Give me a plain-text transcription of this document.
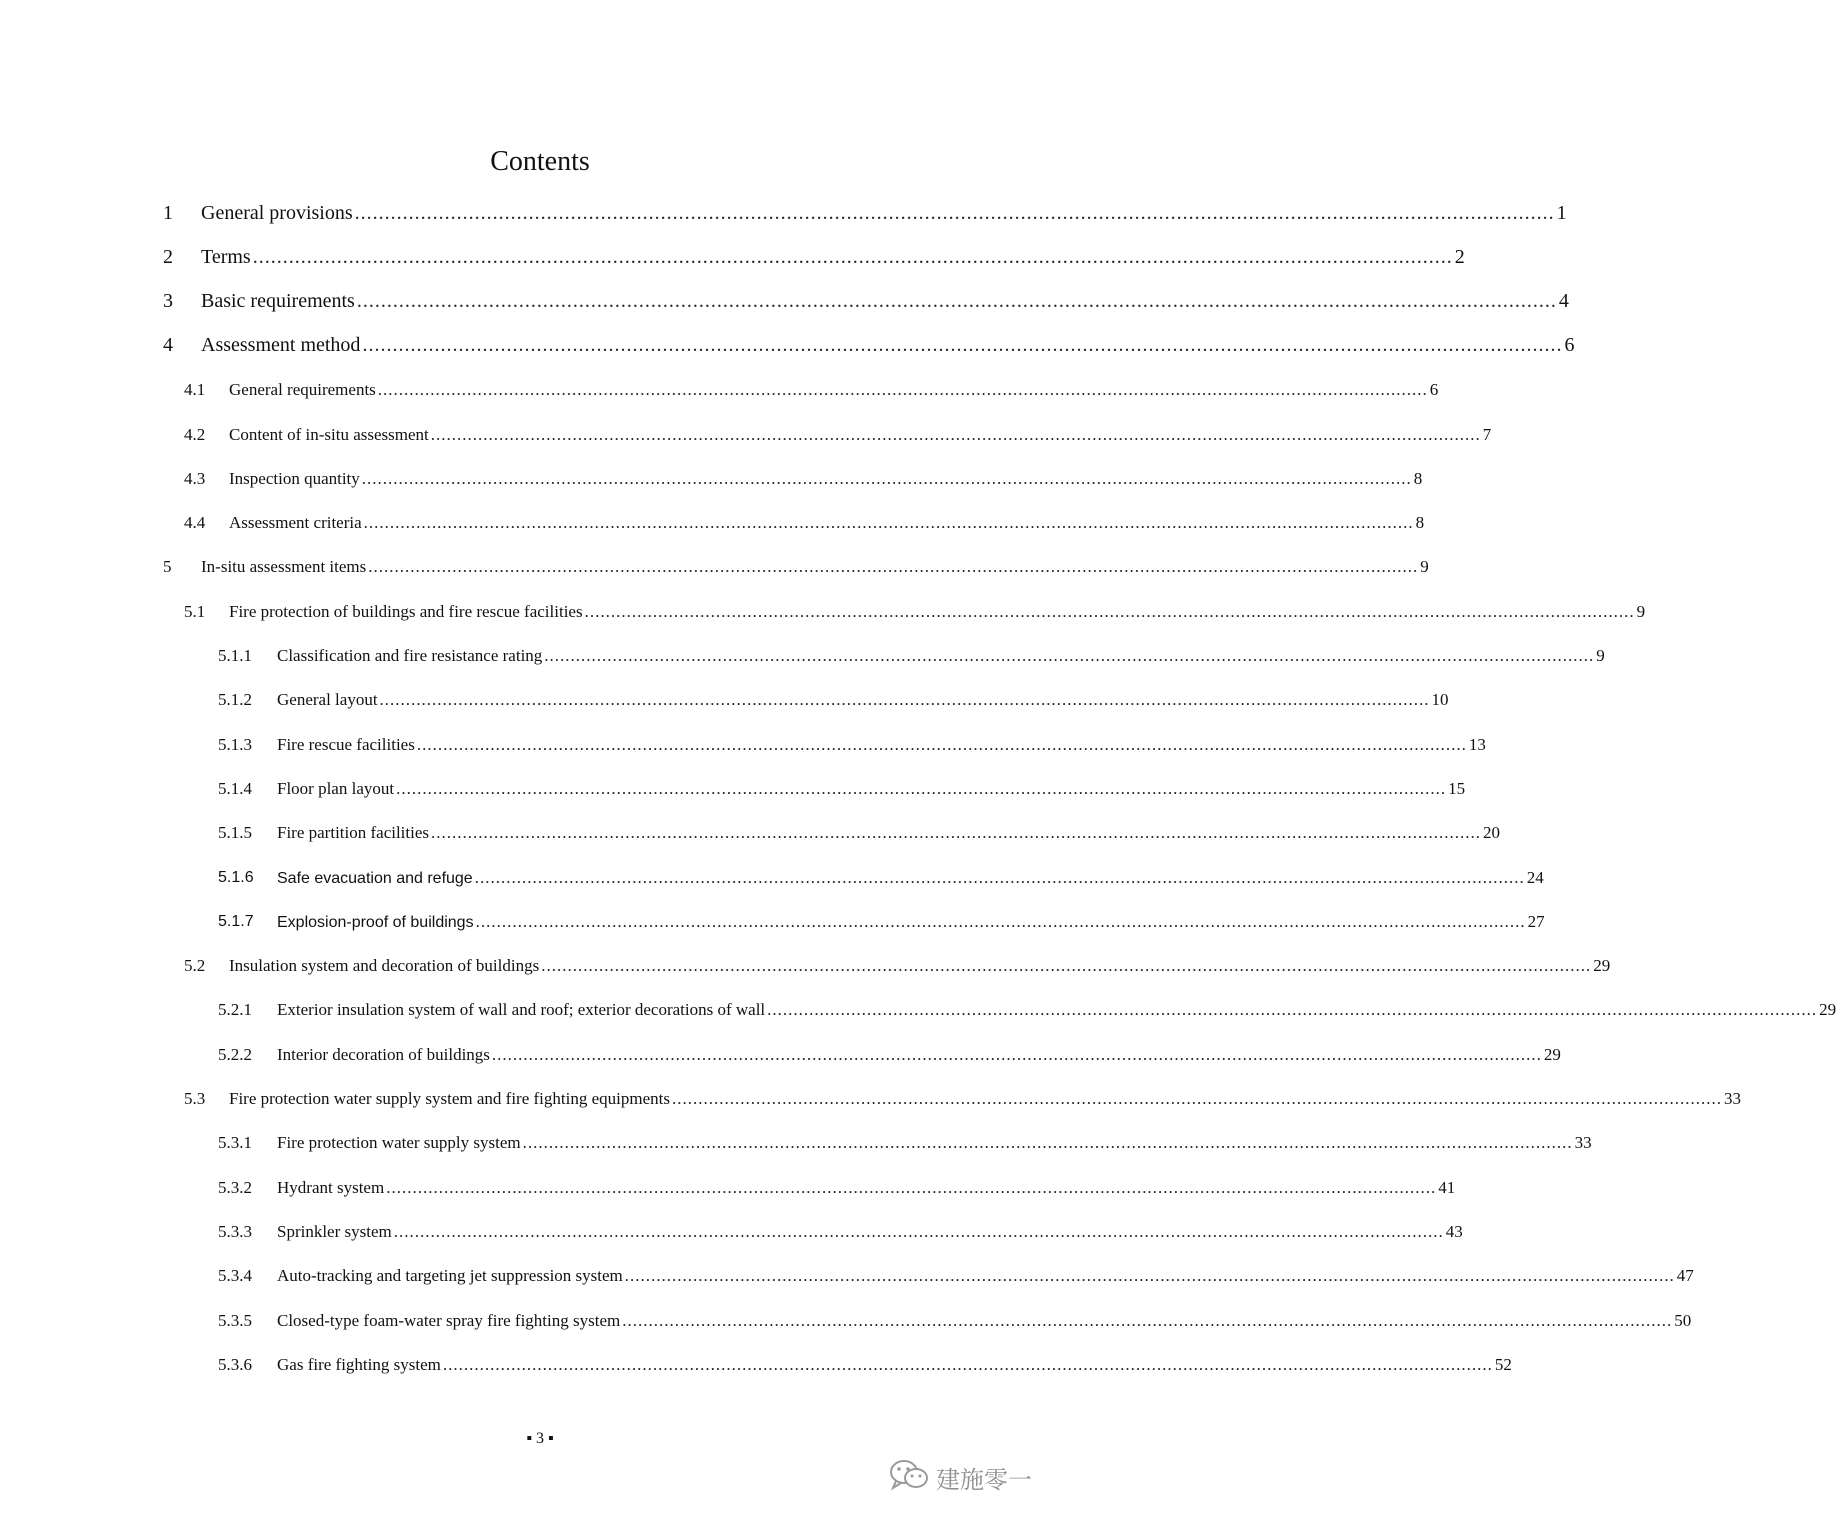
Contents
1 General provisions ........................................................................................................................................................................................................ 1
2 Terms ........................................................................................................................................................................................................ 2
3 Basic requirements ........................................................................................................................................................................................................ 4
4 Assessment method ........................................................................................................................................................................................................ 6
4.1 General requirements ........................................................................................................................................................................................................ 6
4.2 Content of in-situ assessment ........................................................................................................................................................................................................ 7
4.3 Inspection quantity ........................................................................................................................................................................................................ 8
4.4 Assessment criteria ........................................................................................................................................................................................................ 8
5 In-situ assessment items ........................................................................................................................................................................................................ 9
5.1 Fire protection of buildings and fire rescue facilities ........................................................................................................................................................................................................ 9
5.1.1 Classification and fire resistance rating ........................................................................................................................................................................................................ 9
5.1.2 General layout ........................................................................................................................................................................................................ 10
5.1.3 Fire rescue facilities ........................................................................................................................................................................................................ 13
5.1.4 Floor plan layout ........................................................................................................................................................................................................ 15
5.1.5 Fire partition facilities ........................................................................................................................................................................................................ 20
5.1.6 Safe evacuation and refuge ........................................................................................................................................................................................................ 24
5.1.7 Explosion-proof of buildings ........................................................................................................................................................................................................ 27
5.2 Insulation system and decoration of buildings ........................................................................................................................................................................................................ 29
5.2.1 Exterior insulation system of wall and roof; exterior decorations of wall ........................................................................................................................................................................................................ 29
5.2.2 Interior decoration of buildings ........................................................................................................................................................................................................ 29
5.3 Fire protection water supply system and fire fighting equipments ........................................................................................................................................................................................................ 33
5.3.1 Fire protection water supply system ........................................................................................................................................................................................................ 33
5.3.2 Hydrant system ........................................................................................................................................................................................................ 41
5.3.3 Sprinkler system ........................................................................................................................................................................................................ 43
5.3.4 Auto-tracking and targeting jet suppression system ........................................................................................................................................................................................................ 47
5.3.5 Closed-type foam-water spray fire fighting system ........................................................................................................................................................................................................ 50
5.3.6 Gas fire fighting system ........................................................................................................................................................................................................ 52
▪ 3 ▪
建施零一
